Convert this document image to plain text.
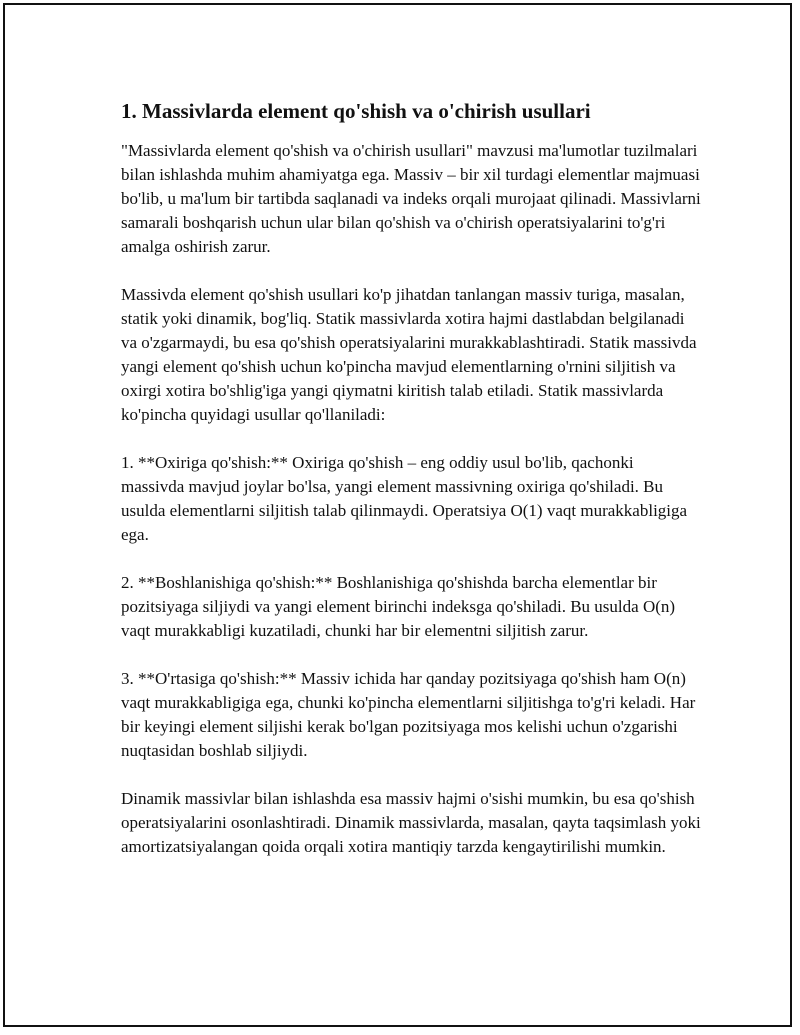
1. Massivlarda element qo'shish va o'chirish usullari

"Massivlarda element qo'shish va o'chirish usullari" mavzusi ma'lumotlar tuzilmalari bilan ishlashda muhim ahamiyatga ega. Massiv – bir xil turdagi elementlar majmuasi bo'lib, u ma'lum bir tartibda saqlanadi va indeks orqali murojaat qilinadi. Massivlarni samarali boshqarish uchun ular bilan qo'shish va o'chirish operatsiyalarini to'g'ri amalga oshirish zarur.

Massivda element qo'shish usullari ko'p jihatdan tanlangan massiv turiga, masalan, statik yoki dinamik, bog'liq. Statik massivlarda xotira hajmi dastlabdan belgilanadi va o'zgarmaydi, bu esa qo'shish operatsiyalarini murakkablashtiradi. Statik massivda yangi element qo'shish uchun ko'pincha mavjud elementlarning o'rnini siljitish va oxirgi xotira bo'shlig'iga yangi qiymatni kiritish talab etiladi. Statik massivlarda ko'pincha quyidagi usullar qo'llaniladi:

1. **Oxiriga qo'shish:** Oxiriga qo'shish – eng oddiy usul bo'lib, qachonki massivda mavjud joylar bo'lsa, yangi element massivning oxiriga qo'shiladi. Bu usulda elementlarni siljitish talab qilinmaydi. Operatsiya O(1) vaqt murakkabligiga ega.

2. **Boshlanishiga qo'shish:** Boshlanishiga qo'shishda barcha elementlar bir pozitsiyaga siljiydi va yangi element birinchi indeksga qo'shiladi. Bu usulda O(n) vaqt murakkabligi kuzatiladi, chunki har bir elementni siljitish zarur.

3. **O'rtasiga qo'shish:** Massiv ichida har qanday pozitsiyaga qo'shish ham O(n) vaqt murakkabligiga ega, chunki ko'pincha elementlarni siljitishga to'g'ri keladi. Har bir keyingi element siljishi kerak bo'lgan pozitsiyaga mos kelishi uchun o'zgarishi nuqtasidan boshlab siljiydi.

Dinamik massivlar bilan ishlashda esa massiv hajmi o'sishi mumkin, bu esa qo'shish operatsiyalarini osonlashtiradi. Dinamik massivlarda, masalan, qayta taqsimlash yoki amortizatsiyalangan qoida orqali xotira mantiqiy tarzda kengaytirilishi mumkin.
